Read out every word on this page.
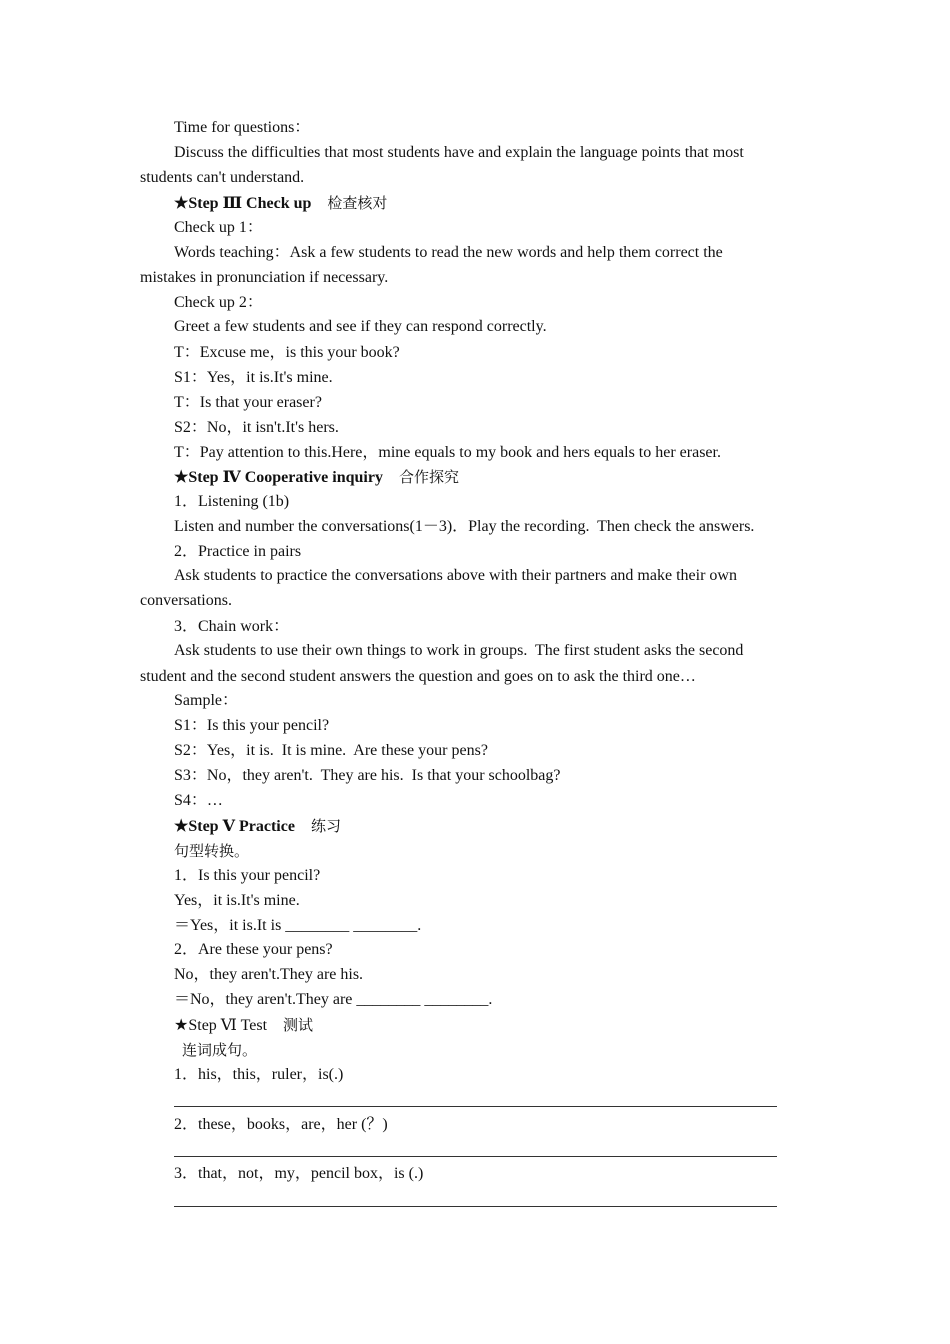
Time for questions：
Discuss the difficulties that most students have and explain the language points that most
students can't understand.
★Step Ⅲ Check up 检查核对
Check up 1：
Words teaching：Ask a few students to read the new words and help them correct the
mistakes in pronunciation if necessary.
Check up 2：
Greet a few students and see if they can respond correctly.
T：Excuse me，is this your book?
S1：Yes，it is.It's mine.
T：Is that your eraser?
S2：No，it isn't.It's hers.
T：Pay attention to this.Here，mine equals to my book and hers equals to her eraser.
★Step Ⅳ Cooperative inquiry 合作探究
1．Listening (1b)
Listen and number the conversations(1－3)．Play the recording.  Then check the answers.
2．Practice in pairs
Ask students to practice the conversations above with their partners and make their own
conversations.
3．Chain work：
Ask students to use their own things to work in groups.  The first student asks the second
student and the second student answers the question and goes on to ask the third one…
Sample：
S1：Is this your pencil?
S2：Yes，it is.  It is mine.  Are these your pens?
S3：No，they aren't.  They are his.  Is that your schoolbag?
S4：…
★Step Ⅴ Practice 练习
句型转换。
1．Is this your pencil?
Yes，it is.It's mine.
＝Yes，it is.It is ________ ________.
2．Are these your pens?
No，they aren't.They are his.
＝No，they aren't.They are ________ ________.
★Step Ⅵ Test 测试
连词成句。
1．his，this，ruler，is(.)
2．these，books，are，her (？)
3．that，not，my，pencil box，is (.)
